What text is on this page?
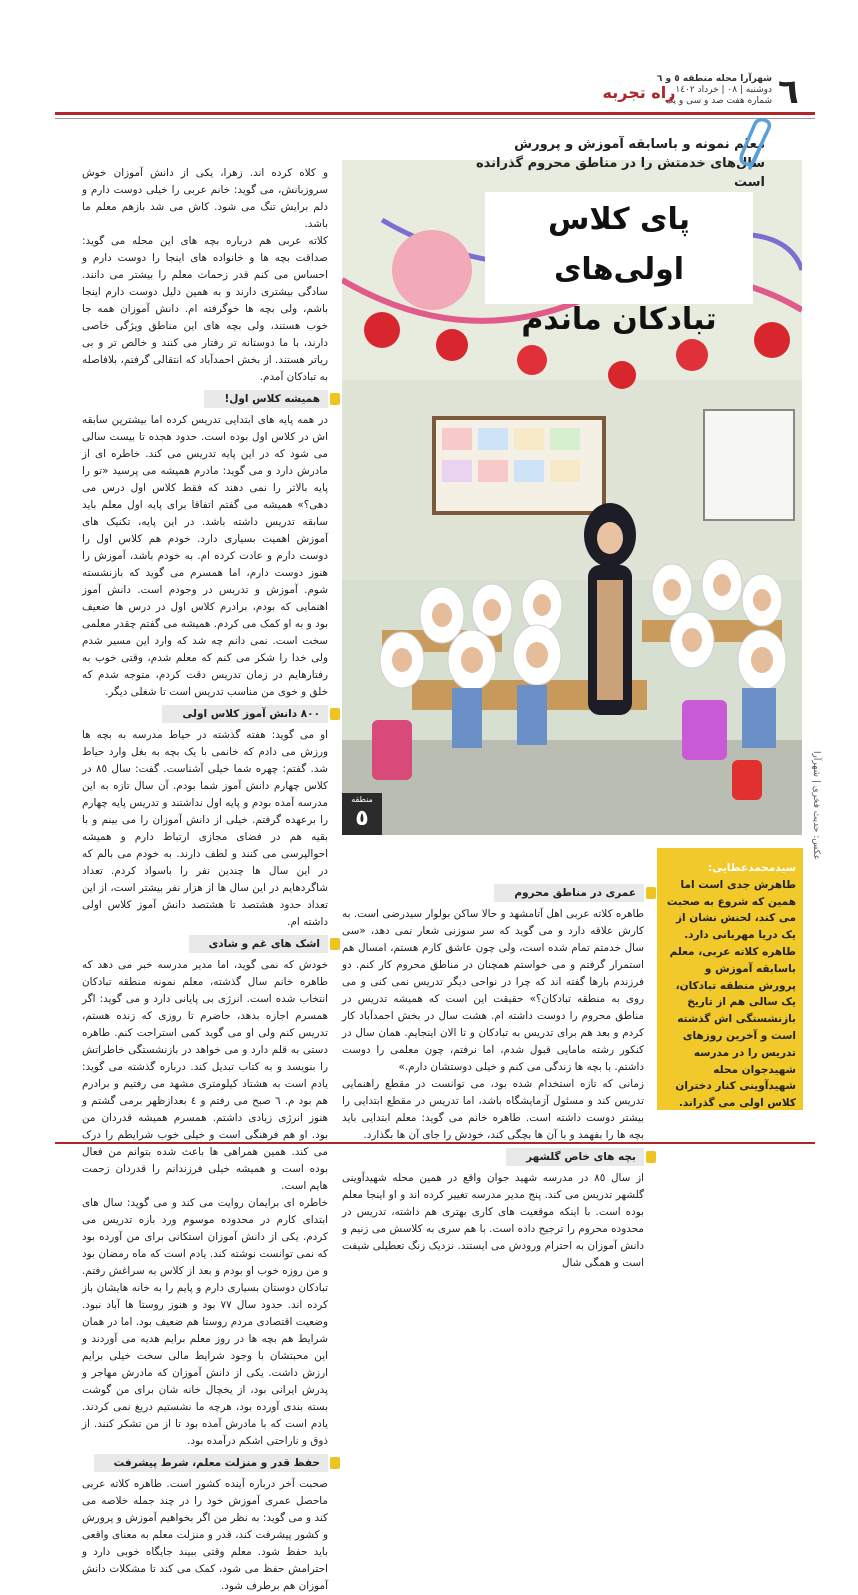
٦
شهرآرا محله منطقه ٥ و ٦
دوشنبه | ٠٨ | خرداد ١٤٠٢
شماره هفت صد و سی و يک
راه تجربه
معلم نمونه و باسابقه آموزش و پرورش سال‌های خدمتش را در مناطق محروم گذرانده است
پای کلاس اولی‌های
تبادکان ماندم
عکس: حدیث فخری | شهرآرا
منطقه
٥

و کلاه کرده اند. زهرا، یکی از دانش آموزان خوش سروزبانش، می گوید: خانم عربی را خیلی دوست دارم و دلم برایش تنگ می شود. کاش می شد بازهم معلم ما باشد.

کلاته عربی هم درباره بچه های این محله می گوید: صداقت بچه ها و خانواده های اینجا را دوست دارم و احساس می کنم قدر زحمات معلم را بیشتر می دانند. سادگی بیشتری دارند و به همین دلیل دوست دارم اینجا باشم، ولی بچه ها خوگرفته ام. دانش آموزان همه جا خوب هستند، ولی بچه های این مناطق ویژگی خاصی دارند، با ما دوستانه تر رفتار می کنند و خالص تر و بی ریاتر هستند. از بخش احمدآباد که انتقالی گرفتم، بلافاصله به تبادکان آمدم.

همیشه کلاس اول!

در همه پایه های ابتدایی تدریس کرده اما بیشترین سابقه اش در کلاس اول بوده است. حدود هجده تا بیست سالی می شود که در این پایه تدریس می کند. خاطره ای از مادرش دارد و می گوید: مادرم همیشه می پرسید «تو را پایه بالاتر را نمی دهند که فقط کلاس اول درس می دهی؟» همیشه می گفتم اتفاقا برای پایه اول معلم باید سابقه تدریس داشته باشد. در این پایه، تکنیک های آموزش اهمیت بسیاری دارد. خودم هم کلاس اول را دوست دارم و عادت کرده ام. به خودم باشد، آموزش را هنوز دوست دارم، اما همسرم می گوید که بازنشسته شوم. آموزش و تدریس در وجودم است. دانش آموز اهنمایی که بودم، برادرم کلاس اول در درس ها ضعیف بود و به او کمک می کردم. همیشه می گفتم چقدر معلمی سخت است. نمی دانم چه شد که وارد این مسیر شدم ولی خدا را شکر می کنم که معلم شدم، وقتی خوب به رفتارهایم در زمان تدریس دقت کردم، متوجه شدم که خلق و خوی من مناسب تدریس است تا شغلی دیگر.

٨٠٠ دانش آموز کلاس اولی

او می گوید: هفته گذشته در حیاط مدرسه به بچه ها ورزش می دادم که خانمی با یک بچه به بغل وارد حیاط شد. گفتم: چهره شما خیلی آشناست. گفت: سال ٨٥ در کلاس چهارم دانش آموز شما بودم. آن سال تازه به این مدرسه آمده بودم و پایه اول نداشتند و تدریس پایه چهارم را برعهده گرفتم. خیلی از دانش آموزان را می بینم و با بقیه هم در فضای مجازی ارتباط دارم و همیشه احوالپرسی می کنند و لطف دارند. به خودم می بالم که در این سال ها چندین نفر را باسواد کردم. تعداد شاگردهایم در این سال ها از هزار نفر بیشتر است، از این تعداد حدود هشتصد تا هشتصد دانش آموز کلاس اولی داشته ام.

اشک های غم و شادی

خودش که نمی گوید، اما مدیر مدرسه خبر می دهد که طاهره خانم سال گذشته، معلم نمونه منطقه تبادکان انتخاب شده است. انرژی بی پایانی دارد و می گوید: اگر همسرم اجازه بدهد، حاضرم تا روزی که زنده هستم، تدریس کنم ولی او می گوید کمی استراحت کنم. طاهره دستی به قلم دارد و می خواهد در بازنشستگی خاطراتش را بنویسد و به کتاب تبدیل کند. درباره گذشته می گوید: یادم است به هشتاد کیلومتری مشهد می رفتیم و برادرم هم بود م. ٦ صبح می رفتم و ٤ بعدازظهر برمی گشتم و هنوز انرژی زیادی داشتم. همسرم همیشه قدردان من بود. او هم فرهنگی است و خیلی خوب شرایطم را درک می کند. همین همراهی ها باعث شده بتوانم من فعال بوده است و همیشه خیلی فرزندانم را قدردان زحمت هایم است.

خاطره ای برایمان روایت می کند و می گوید: سال های ابتدای کارم در محدوده موسوم ورد بازه تدریس می کردم. یکی از دانش آموزان استکانی برای من آورده بود که نمی توانست نوشته کند. یادم است که ماه رمضان بود و من روزه خوب او بودم و بعد از کلاس به سراغش رفتم. تبادکان دوستان بسیاری دارم و پایم را به خانه هایشان باز کرده اند. حدود سال ٧٧ بود و هنوز روستا ها آباد نبود. وضعیت اقتصادی مردم روستا هم ضعیف بود. اما در همان شرایط هم بچه ها در روز معلم برایم هدیه می آوردند و این محبتشان با وجود شرایط مالی سخت خیلی برایم ارزش داشت. یکی از دانش آموزان که مادرش مهاجر و پدرش ایرانی بود، از یخچال خانه شان برای من گوشت بسته بندی آورده بود، هرچه ما نشستیم دریغ نمی کردند. یادم است که با مادرش آمده بود تا از من تشکر کنند. از ذوق و ناراحتی اشکم درآمده بود.

حفظ قدر و منزلت معلم، شرط پیشرفت

صحبت آخر درباره آینده کشور است. طاهره کلاته عربی ماحصل عمری آموزش خود را در چند جمله خلاصه می کند و می گوید: به نظر من اگر بخواهیم آموزش و پرورش و کشور پیشرفت کند، قدر و منزلت معلم به معنای واقعی باید حفظ شود. معلم وقتی ببیند جایگاه خوبی دارد و احترامش حفظ می شود، کمک می کند تا مشکلات دانش آموزان هم برطرف شود.

عمری در مناطق محروم

طاهره کلاته عربی اهل آتامشهد و حالا ساکن بولوار سیدرضی است. به کارش علاقه دارد و می گوید که سر سوزنی شعار نمی دهد، «سی سال خدمتم تمام شده است، ولی چون عاشق کارم هستم، امسال هم استمرار گرفتم و می خواستم همچنان در مناطق محروم کار کنم. دو فرزندم بارها گفته اند که چرا در نواحی دیگر تدریس نمی کنی و می روی به منطقه تبادکان؟» حقیقت این است که همیشه تدریس در مناطق محروم را دوست داشته ام. هشت سال در بخش احمدآباد کار کردم و بعد هم برای تدریس به تبادکان و تا الان اینجایم. همان سال در کنکور رشته مامایی قبول شدم، اما نرفتم، چون معلمی را دوست داشتم. با بچه ها زندگی می کنم و خیلی دوستشان دارم.»

زمانی که تازه استخدام شده بود، می توانست در مقطع راهنمایی تدریس کند و مسئول آزمایشگاه باشد، اما تدریس در مقطع ابتدایی را بیشتر دوست داشته است. طاهره خانم می گوید: معلم ابتدایی باید بچه ها را بفهمد و با آن ها بچگی کند، خودش را جای آن ها بگذارد.

بچه های خاص گلشهر

از سال ٨٥ در مدرسه شهید جوان واقع در همین محله شهیدآوینی گلشهر تدریس می کند. پنج مدیر مدرسه تغییر کرده اند و او اینجا معلم بوده است. با اینکه موقعیت های کاری بهتری هم داشته، تدریس در محدوده محروم را ترجیح داده است. با هم سری به کلاسش می زنیم و دانش آموزان به احترام ورودش می ایستند. نزدیک زنگ تعطیلی شیفت است و همگی شال

سیدمحمدعطایی: طاهرش جدی است اما همین که شروع به صحبت می کند، لحنش نشان از یک دریا مهربانی دارد. طاهره کلاته عربی، معلم باسابقه آموزش و پرورش منطقه تبادکان، یک سالی هم از تاریخ بازنشستگی اش گذشته است و آخرین روزهای تدریس را در مدرسه شهیدجوان محله شهیدآوینی کنار دختران کلاس اولی می گذراند.
